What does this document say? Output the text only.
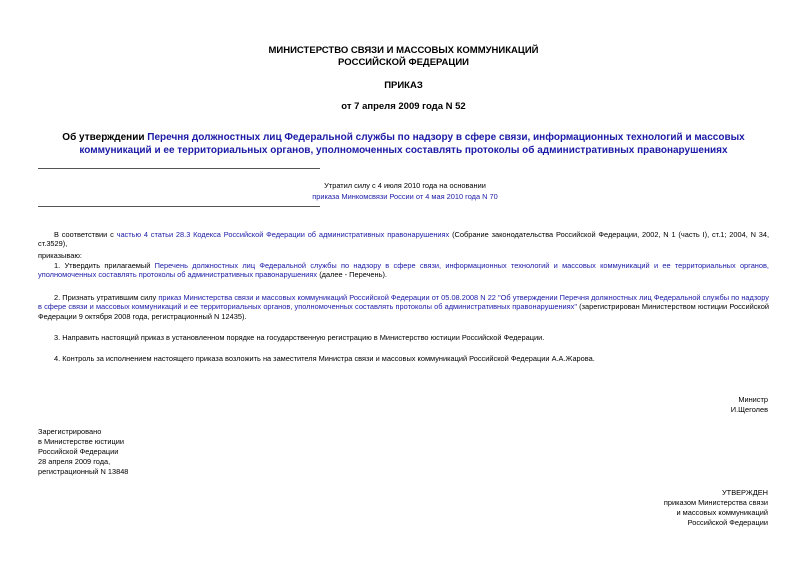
МИНИСТЕРСТВО СВЯЗИ И МАССОВЫХ КОММУНИКАЦИЙ
РОССИЙСКОЙ ФЕДЕРАЦИИ
ПРИКАЗ
от 7 апреля 2009 года N 52
Об утверждении Перечня должностных лиц Федеральной службы по надзору в сфере связи, информационных технологий и массовых коммуникаций и ее территориальных органов, уполномоченных составлять протоколы об административных правонарушениях
Утратил силу с 4 июля 2010 года на основании
приказа Минкомсвязи России от 4 мая 2010 года N 70
В соответствии с частью 4 статьи 28.3 Кодекса Российской Федерации об административных правонарушениях (Собрание законодательства Российской Федерации, 2002, N 1 (часть I), ст.1; 2004, N 34, ст.3529),
приказываю:
1. Утвердить прилагаемый Перечень должностных лиц Федеральной службы по надзору в сфере связи, информационных технологий и массовых коммуникаций и ее территориальных органов, уполномоченных составлять протоколы об административных правонарушениях (далее - Перечень).
2. Признать утратившим силу приказ Министерства связи и массовых коммуникаций Российской Федерации от 05.08.2008 N 22 "Об утверждении Перечня должностных лиц Федеральной службы по надзору в сфере связи и массовых коммуникаций и ее территориальных органов, уполномоченных составлять протоколы об административных правонарушениях" (зарегистрирован Министерством юстиции Российской Федерации 9 октября 2008 года, регистрационный N 12435).
3. Направить настоящий приказ в установленном порядке на государственную регистрацию в Министерство юстиции Российской Федерации.
4. Контроль за исполнением настоящего приказа возложить на заместителя Министра связи и массовых коммуникаций Российской Федерации А.А.Жарова.
Министр
И.Щеголев
Зарегистрировано
в Министерстве юстиции
Российской Федерации
28 апреля 2009 года,
регистрационный N 13848
УТВЕРЖДЕН
приказом Министерства связи
и массовых коммуникаций
Российской Федерации
